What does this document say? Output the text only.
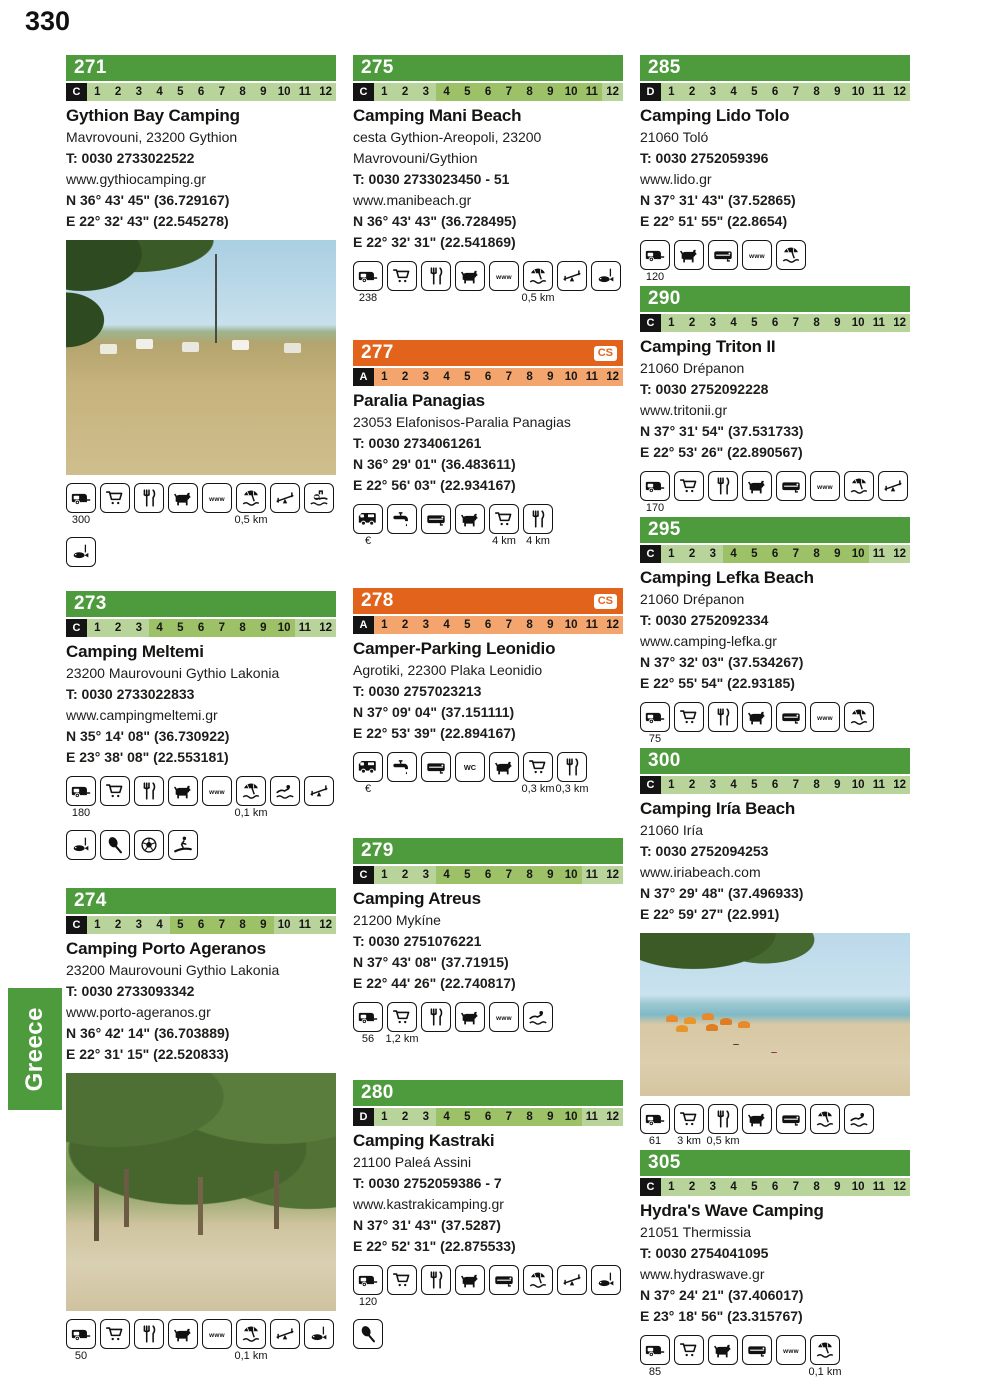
330
Greece
271
C	1	2	3	4	5	6	7	8	9 10 11 12
Gythion Bay Camping
Mavrovouni, 23200 Gythion
T: 0030 2733022522
www.gythiocamping.gr
N 36° 43' 45" (36.729167)
E 22° 32' 43" (22.545278)
300
www
0,5 km
273
C	1	2	3	4	5	6	7	8	9 10 11 12
Camping Meltemi
23200 Maurovouni Gythio Lakonia
T: 0030 2733022833
www.campingmeltemi.gr
N 35° 14' 08" (36.730922)
E 23° 38' 08" (22.553181)
180
www
0,1 km
274
C	1	2	3	4	5	6	7	8	9 10 11 12
Camping Porto Ageranos
23200 Maurovouni Gythio Lakonia
T: 0030 2733093342
www.porto-ageranos.gr
N 36° 42' 14" (36.703889)
E 22° 31' 15" (22.520833)
50
www
0,1 km
275
C	1	2	3	4	5	6	7	8	9 10 11 12
Camping Mani Beach
cesta Gythion-Areopoli, 23200
Mavrovouni/Gythion
T: 0030 2733023450 - 51
www.manibeach.gr
N 36° 43' 43" (36.728495)
E 22° 32' 31" (22.541869)
238
www
0,5 km
277	CS
A	1	2	3	4	5	6	7	8	9 10 11 12
Paralia Panagias
23053 Elafonisos-Paralia Panagias
T: 0030 2734061261
N 36° 29' 01" (36.483611)
E 22° 56' 03" (22.934167)
€	4 km 4 km
278	CS
A	1	2	3	4	5	6	7	8	9 10 11 12
Camper-Parking Leonidio
Agrotiki, 22300 Plaka Leonidio
T: 0030 2757023213
N 37° 09' 04" (37.151111)
E 22° 53' 39" (22.894167)
€
WC
0,3 km 0,3 km
279
C	1	2	3	4	5	6	7	8	9 10 11 12
Camping Atreus
21200 Mykíne
T: 0030 2751076221
N 37° 43' 08" (37.71915)
E 22° 44' 26" (22.740817)
56 1,2 km
www
280
D	1	2	3	4	5	6	7	8	9 10 11 12
Camping Kastraki
21100 Paleá Assini
T: 0030 2752059386 - 7
www.kastrakicamping.gr
N 37° 31' 43" (37.5287)
E 22° 52' 31" (22.875533)
120
285
D	1	2	3	4	5	6	7	8	9 10 11 12
Camping Lido Tolo
21060 Toló
T: 0030 2752059396
www.lido.gr
N 37° 31' 43" (37.52865)
E 22° 51' 55" (22.8654)
120
www
290
C	1	2	3	4	5	6	7	8	9 10 11 12
Camping Triton II
21060 Drépanon
T: 0030 2752092228
www.tritonii.gr
N 37° 31' 54" (37.531733)
E 22° 53' 26" (22.890567)
170
www
295
C	1	2	3	4	5	6	7	8	9 10 11 12
Camping Lefka Beach
21060 Drépanon
T: 0030 2752092334
www.camping-lefka.gr
N 37° 32' 03" (37.534267)
E 22° 55' 54" (22.93185)
75
www
300
C	1	2	3	4	5	6	7	8	9 10 11 12
Camping Iría Beach
21060 Iría
T: 0030 2752094253
www.iriabeach.com
N 37° 29' 48" (37.496933)
E 22° 59' 27" (22.991)
61 3 km 0,5 km
305
C	1	2	3	4	5	6	7	8	9 10 11 12
Hydra's Wave Camping
21051 Thermissia
T: 0030 2754041095
www.hydraswave.gr
N 37° 24' 21" (37.406017)
E 23° 18' 56" (23.315767)
85
www
0,1 km
